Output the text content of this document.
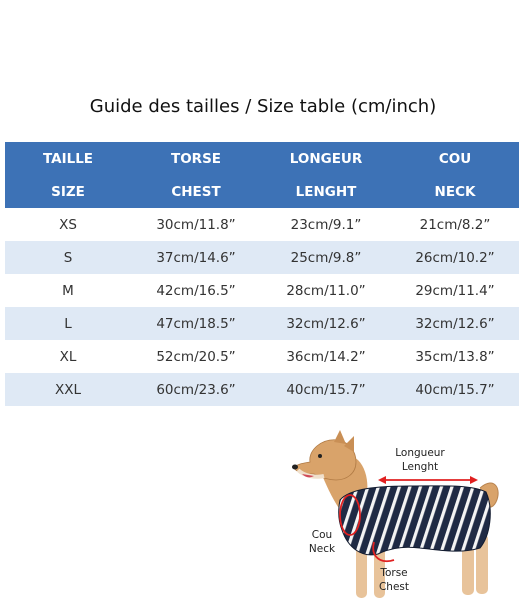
Guide des tailles / Size table (cm/inch)
TAILLE	TORSE	LONGEUR	COU
SIZE	CHEST	LENGHT	NECK
XS	30cm/11.8”	23cm/9.1”	21cm/8.2”
S	37cm/14.6”	25cm/9.8”	26cm/10.2”
M	42cm/16.5”	28cm/11.0”	29cm/11.4”
L	47cm/18.5”	32cm/12.6”	32cm/12.6”
XL	52cm/20.5”	36cm/14.2”	35cm/13.8”
XXL	60cm/23.6”	40cm/15.7”	40cm/15.7”
Longueur
Lenght
Cou
Neck
Torse
Chest
